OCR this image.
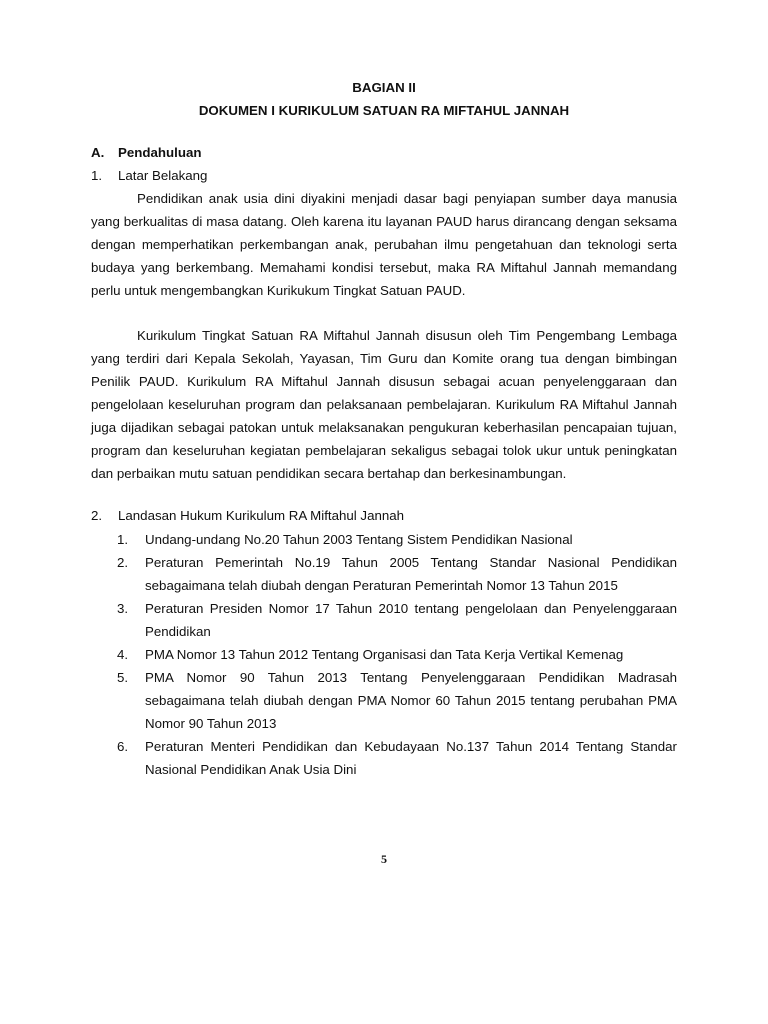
BAGIAN II
DOKUMEN I KURIKULUM SATUAN RA MIFTAHUL JANNAH
A. Pendahuluan
1. Latar Belakang

Pendidikan anak usia dini diyakini menjadi dasar bagi penyiapan sumber daya manusia yang berkualitas di masa datang. Oleh karena itu layanan PAUD harus dirancang dengan seksama dengan memperhatikan perkembangan anak, perubahan ilmu pengetahuan dan teknologi serta budaya yang berkembang. Memahami kondisi tersebut, maka RA Miftahul Jannah memandang perlu untuk mengembangkan Kurikukum Tingkat Satuan PAUD.

Kurikulum Tingkat Satuan RA Miftahul Jannah disusun oleh Tim Pengembang Lembaga yang terdiri dari Kepala Sekolah, Yayasan, Tim Guru dan Komite orang tua dengan bimbingan Penilik PAUD. Kurikulum RA Miftahul Jannah disusun sebagai acuan penyelenggaraan dan pengelolaan keseluruhan program dan pelaksanaan pembelajaran. Kurikulum RA Miftahul Jannah juga dijadikan sebagai patokan untuk melaksanakan pengukuran keberhasilan pencapaian tujuan, program dan keseluruhan kegiatan pembelajaran sekaligus sebagai tolok ukur untuk peningkatan dan perbaikan mutu satuan pendidikan secara bertahap dan berkesinambungan.

2. Landasan Hukum Kurikulum RA Miftahul Jannah
1. Undang-undang No.20 Tahun 2003 Tentang Sistem Pendidikan Nasional
2. Peraturan Pemerintah No.19 Tahun 2005 Tentang Standar Nasional Pendidikan sebagaimana telah diubah dengan Peraturan Pemerintah Nomor 13 Tahun 2015
3. Peraturan Presiden Nomor 17 Tahun 2010 tentang pengelolaan dan Penyelenggaraan Pendidikan
4. PMA Nomor 13 Tahun 2012 Tentang Organisasi dan Tata Kerja Vertikal Kemenag
5. PMA Nomor 90 Tahun 2013 Tentang Penyelenggaraan Pendidikan Madrasah sebagaimana telah diubah dengan PMA Nomor 60 Tahun 2015 tentang perubahan PMA Nomor 90 Tahun 2013
6. Peraturan Menteri Pendidikan dan Kebudayaan No.137 Tahun 2014 Tentang Standar Nasional Pendidikan Anak Usia Dini
5
